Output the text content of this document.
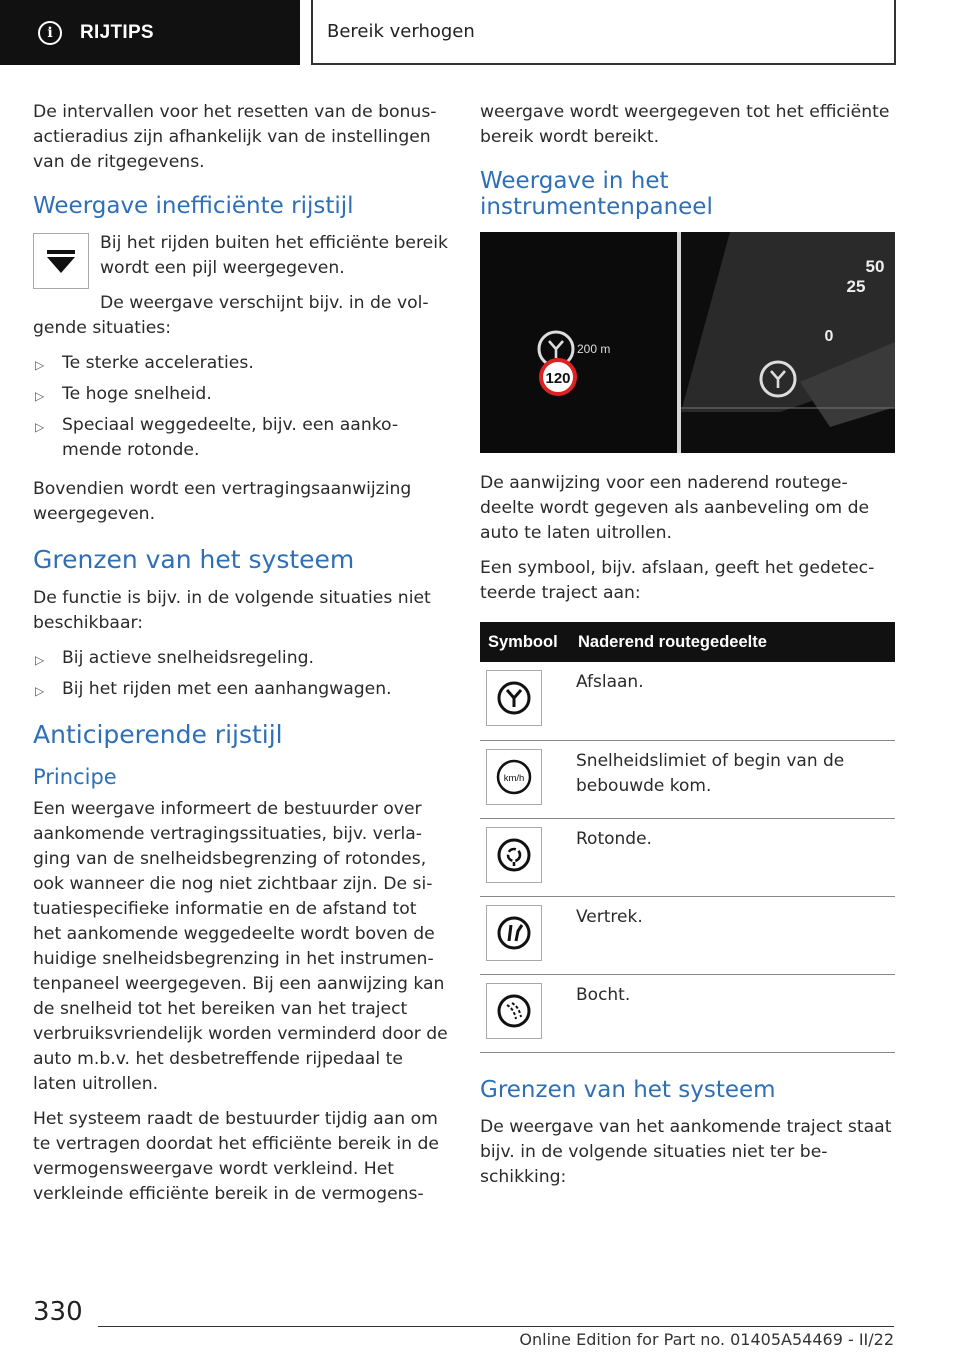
i	RIJTIPS	Bereik verhogen

De intervallen voor het resetten van de bonus-actieradius zijn afhankelijk van de instellingen van de ritgegevens.

Weergave inefficiënte rijstijl

Bij het rijden buiten het efficiënte bereik wordt een pijl weergegeven.

De weergave verschijnt bijv. in de vol-gende situaties:

▷ Te sterke acceleraties.
▷ Te hoge snelheid.
▷ Speciaal weggedeelte, bijv. een aanko-mende rotonde.

Bovendien wordt een vertragingsaanwijzing weergegeven.

Grenzen van het systeem

De functie is bijv. in de volgende situaties niet beschikbaar:

▷ Bij actieve snelheidsregeling.
▷ Bij het rijden met een aanhangwagen.
Anticiperende rijstijl
Principe

Een weergave informeert de bestuurder over aankomende vertragingssituaties, bijv. verla-ging van de snelheidsbegrenzing of rotondes, ook wanneer die nog niet zichtbaar zijn. De si-tuatiespecifieke informatie en de afstand tot het aankomende weggedeelte wordt boven de huidige snelheidsbegrenzing in het instrumen-tenpaneel weergegeven. Bij een aanwijzing kan de snelheid tot het bereiken van het traject verbruiksvriendelijk worden verminderd door de auto m.b.v. het desbetreffende rijpedaal te laten uitrollen.

Het systeem raadt de bestuurder tijdig aan om te vertragen doordat het efficiënte bereik in de vermogensweergave wordt verkleind. Het verkleinde efficiënte bereik in de vermogens-

weergave wordt weergegeven tot het efficiënte bereik wordt bereikt.

Weergave in het instrumentenpaneel
120
200 m
50
25
0

De aanwijzing voor een naderend routege-deelte wordt gegeven als aanbeveling om de auto te laten uitrollen.

Een symbool, bijv. afslaan, geeft het gedetec-teerde traject aan:

Symbool	Naderend routegedeelte

	Afslaan.

km/h	Snelheidslimiet of begin van de bebouwde kom.

	Rotonde.

	Vertrek.

	Bocht.
Grenzen van het systeem

De weergave van het aankomende traject staat bijv. in de volgende situaties niet ter be-schikking:

330
Online Edition for Part no. 01405A54469 - II/22
